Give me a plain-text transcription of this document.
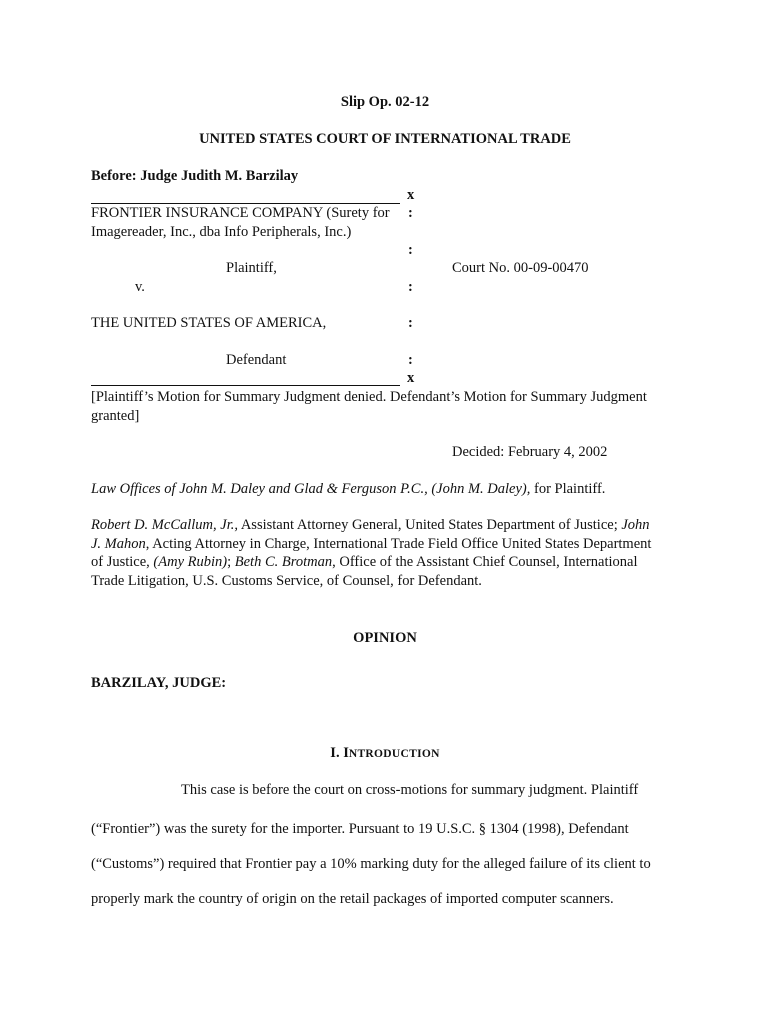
Slip Op. 02-12
UNITED STATES COURT OF INTERNATIONAL TRADE
Before: Judge Judith M. Barzilay
x
FRONTIER INSURANCE COMPANY (Surety for :
Imagereader, Inc., dba Info Peripherals, Inc.)
:
Plaintiff,	Court No. 00-09-00470
v.	:
THE UNITED STATES OF AMERICA,	:
Defendant	:
x
[Plaintiff’s Motion for Summary Judgment denied. Defendant’s Motion for Summary Judgment
granted]
Decided: February 4, 2002
Law Offices of John M. Daley and Glad & Ferguson P.C., (John M. Daley), for Plaintiff.
Robert D. McCallum, Jr., Assistant Attorney General, United States Department of Justice; John
J. Mahon, Acting Attorney in Charge, International Trade Field Office United States Department
of Justice, (Amy Rubin); Beth C. Brotman, Office of the Assistant Chief Counsel, International
Trade Litigation, U.S. Customs Service, of Counsel, for Defendant.
OPINION
BARZILAY, JUDGE:
I. INTRODUCTION
This case is before the court on cross-motions for summary judgment. Plaintiff
(“Frontier”) was the surety for the importer. Pursuant to 19 U.S.C. § 1304 (1998), Defendant
(“Customs”) required that Frontier pay a 10% marking duty for the alleged failure of its client to
properly mark the country of origin on the retail packages of imported computer scanners.
